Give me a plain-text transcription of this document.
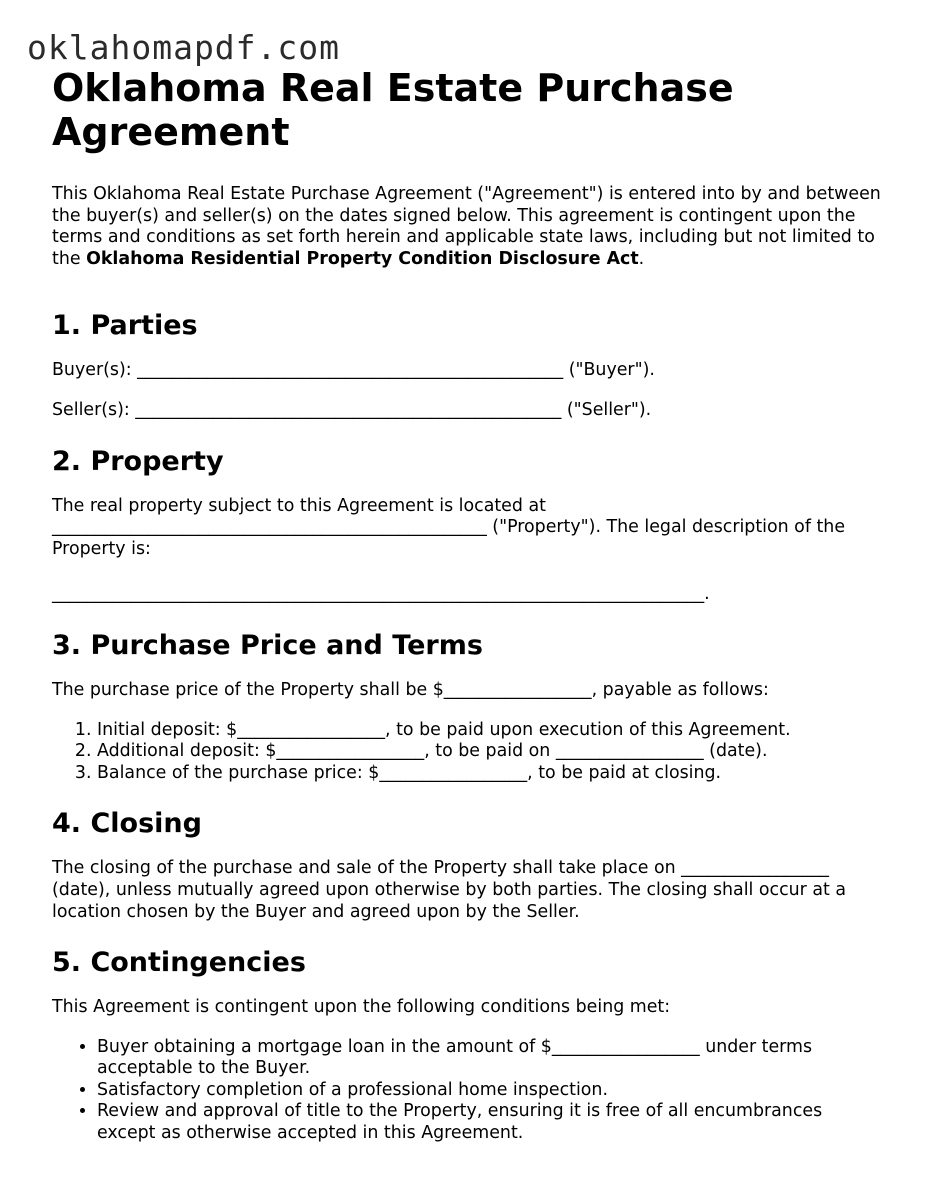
oklahomapdf.com
Oklahoma Real Estate Purchase Agreement

This Oklahoma Real Estate Purchase Agreement ("Agreement") is entered into by and between the buyer(s) and seller(s) on the dates signed below. This agreement is contingent upon the terms and conditions as set forth herein and applicable state laws, including but not limited to the Oklahoma Residential Property Condition Disclosure Act.

1. Parties

Buyer(s): _________________________________________________ ("Buyer").

Seller(s): _________________________________________________ ("Seller").

2. Property

The real property subject to this Agreement is located at __________________________________________________ ("Property"). The legal description of the Property is:

___________________________________________________________________________.

3. Purchase Price and Terms

The purchase price of the Property shall be $_________________, payable as follows:

1. Initial deposit: $_________________, to be paid upon execution of this Agreement.
2. Additional deposit: $_________________, to be paid on _________________ (date).
3. Balance of the purchase price: $_________________, to be paid at closing.
4. Closing

The closing of the purchase and sale of the Property shall take place on _________________ (date), unless mutually agreed upon otherwise by both parties. The closing shall occur at a location chosen by the Buyer and agreed upon by the Seller.

5. Contingencies

This Agreement is contingent upon the following conditions being met:

• Buyer obtaining a mortgage loan in the amount of $_________________ under terms acceptable to the Buyer.
• Satisfactory completion of a professional home inspection.
• Review and approval of title to the Property, ensuring it is free of all encumbrances except as otherwise accepted in this Agreement.
